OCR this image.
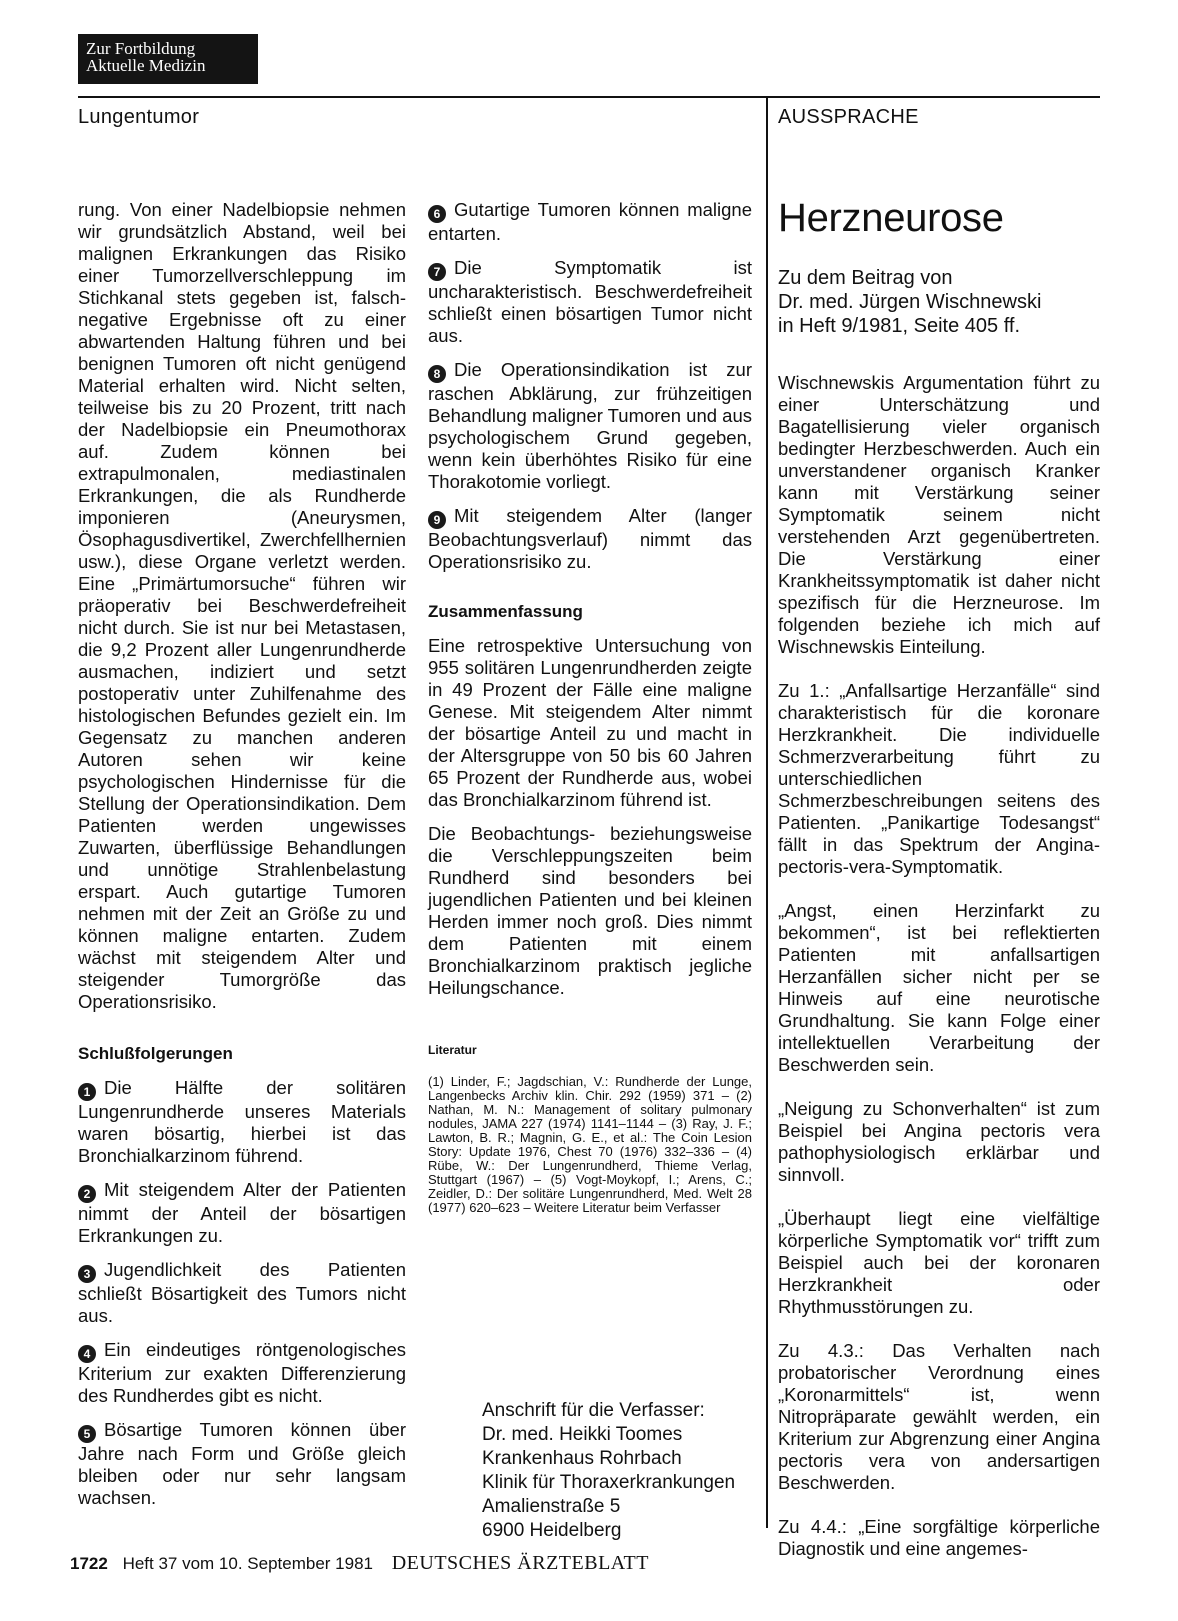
Zur Fortbildung
Aktuelle Medizin
Lungentumor	AUSSPRACHE

rung. Von einer Nadelbiopsie nehmen wir grundsätzlich Abstand, weil bei malignen Erkrankungen das Risiko einer Tumorzellverschleppung im Stichkanal stets gegeben ist, falsch-negative Ergebnisse oft zu einer abwartenden Haltung führen und bei benignen Tumoren oft nicht genügend Material erhalten wird. Nicht selten, teilweise bis zu 20 Prozent, tritt nach der Nadelbiopsie ein Pneumothorax auf. Zudem können bei extrapulmonalen, mediastinalen Erkrankungen, die als Rundherde imponieren (Aneurysmen, Ösophagusdivertikel, Zwerchfellhernien usw.), diese Organe verletzt werden. Eine „Primärtumorsuche“ führen wir präoperativ bei Beschwerdefreiheit nicht durch. Sie ist nur bei Metastasen, die 9,2 Prozent aller Lungenrundherde ausmachen, indiziert und setzt postoperativ unter Zuhilfenahme des histologischen Befundes gezielt ein. Im Gegensatz zu manchen anderen Autoren sehen wir keine psychologischen Hindernisse für die Stellung der Operationsindikation. Dem Patienten werden ungewisses Zuwarten, überflüssige Behandlungen und unnötige Strahlenbelastung erspart. Auch gutartige Tumoren nehmen mit der Zeit an Größe zu und können maligne entarten. Zudem wächst mit steigendem Alter und steigender Tumorgröße das Operationsrisiko.

Schlußfolgerungen
1 Die Hälfte der solitären Lungenrundherde unseres Materials waren bösartig, hierbei ist das Bronchialkarzinom führend.
2 Mit steigendem Alter der Patienten nimmt der Anteil der bösartigen Erkrankungen zu.
3 Jugendlichkeit des Patienten schließt Bösartigkeit des Tumors nicht aus.
4 Ein eindeutiges röntgenologisches Kriterium zur exakten Differenzierung des Rundherdes gibt es nicht.
5 Bösartige Tumoren können über Jahre nach Form und Größe gleich bleiben oder nur sehr langsam wachsen.
6 Gutartige Tumoren können maligne entarten.
7 Die Symptomatik ist uncharakteristisch. Beschwerdefreiheit schließt einen bösartigen Tumor nicht aus.
8 Die Operationsindikation ist zur raschen Abklärung, zur frühzeitigen Behandlung maligner Tumoren und aus psychologischem Grund gegeben, wenn kein überhöhtes Risiko für eine Thorakotomie vorliegt.
9 Mit steigendem Alter (langer Beobachtungsverlauf) nimmt das Operationsrisiko zu.
Zusammenfassung

Eine retrospektive Untersuchung von 955 solitären Lungenrundherden zeigte in 49 Prozent der Fälle eine maligne Genese. Mit steigendem Alter nimmt der bösartige Anteil zu und macht in der Altersgruppe von 50 bis 60 Jahren 65 Prozent der Rundherde aus, wobei das Bronchialkarzinom führend ist.

Die Beobachtungs- beziehungsweise die Verschleppungszeiten beim Rundherd sind besonders bei jugendlichen Patienten und bei kleinen Herden immer noch groß. Dies nimmt dem Patienten mit einem Bronchialkarzinom praktisch jegliche Heilungschance.

Literatur
(1) Linder, F.; Jagdschian, V.: Rundherde der Lunge, Langenbecks Archiv klin. Chir. 292 (1959) 371 – (2) Nathan, M. N.: Management of solitary pulmonary nodules, JAMA 227 (1974) 1141–1144 – (3) Ray, J. F.; Lawton, B. R.; Magnin, G. E., et al.: The Coin Lesion Story: Update 1976, Chest 70 (1976) 332–336 – (4) Rübe, W.: Der Lungenrundherd, Thieme Verlag, Stuttgart (1967) – (5) Vogt-Moykopf, I.; Arens, C.; Zeidler, D.: Der solitäre Lungenrundherd, Med. Welt 28 (1977) 620–623 – Weitere Literatur beim Verfasser
Anschrift für die Verfasser:
Dr. med. Heikki Toomes
Krankenhaus Rohrbach
Klinik für Thoraxerkrankungen
Amalienstraße 5
6900 Heidelberg
Herzneurose
Zu dem Beitrag von
Dr. med. Jürgen Wischnewski
in Heft 9/1981, Seite 405 ff.

Wischnewskis Argumentation führt zu einer Unterschätzung und Bagatellisierung vieler organisch bedingter Herzbeschwerden. Auch ein unverstandener organisch Kranker kann mit Verstärkung seiner Symptomatik seinem nicht verstehenden Arzt gegenübertreten. Die Verstärkung einer Krankheitssymptomatik ist daher nicht spezifisch für die Herzneurose. Im folgenden beziehe ich mich auf Wischnewskis Einteilung.

Zu 1.: „Anfallsartige Herzanfälle“ sind charakteristisch für die koronare Herzkrankheit. Die individuelle Schmerzverarbeitung führt zu unterschiedlichen Schmerzbeschreibungen seitens des Patienten. „Panikartige Todesangst“ fällt in das Spektrum der Angina-pectoris-vera-Symptomatik.

„Angst, einen Herzinfarkt zu bekommen“, ist bei reflektierten Patienten mit anfallsartigen Herzanfällen sicher nicht per se Hinweis auf eine neurotische Grundhaltung. Sie kann Folge einer intellektuellen Verarbeitung der Beschwerden sein.

„Neigung zu Schonverhalten“ ist zum Beispiel bei Angina pectoris vera pathophysiologisch erklärbar und sinnvoll.

„Überhaupt liegt eine vielfältige körperliche Symptomatik vor“ trifft zum Beispiel auch bei der koronaren Herzkrankheit oder Rhythmusstörungen zu.

Zu 4.3.: Das Verhalten nach probatorischer Verordnung eines „Koronarmittels“ ist, wenn Nitropräparate gewählt werden, ein Kriterium zur Abgrenzung einer Angina pectoris vera von andersartigen Beschwerden.

Zu 4.4.: „Eine sorgfältige körperliche Diagnostik und eine angemes-

1722 Heft 37 vom 10. September 1981 DEUTSCHES ÄRZTEBLATT
